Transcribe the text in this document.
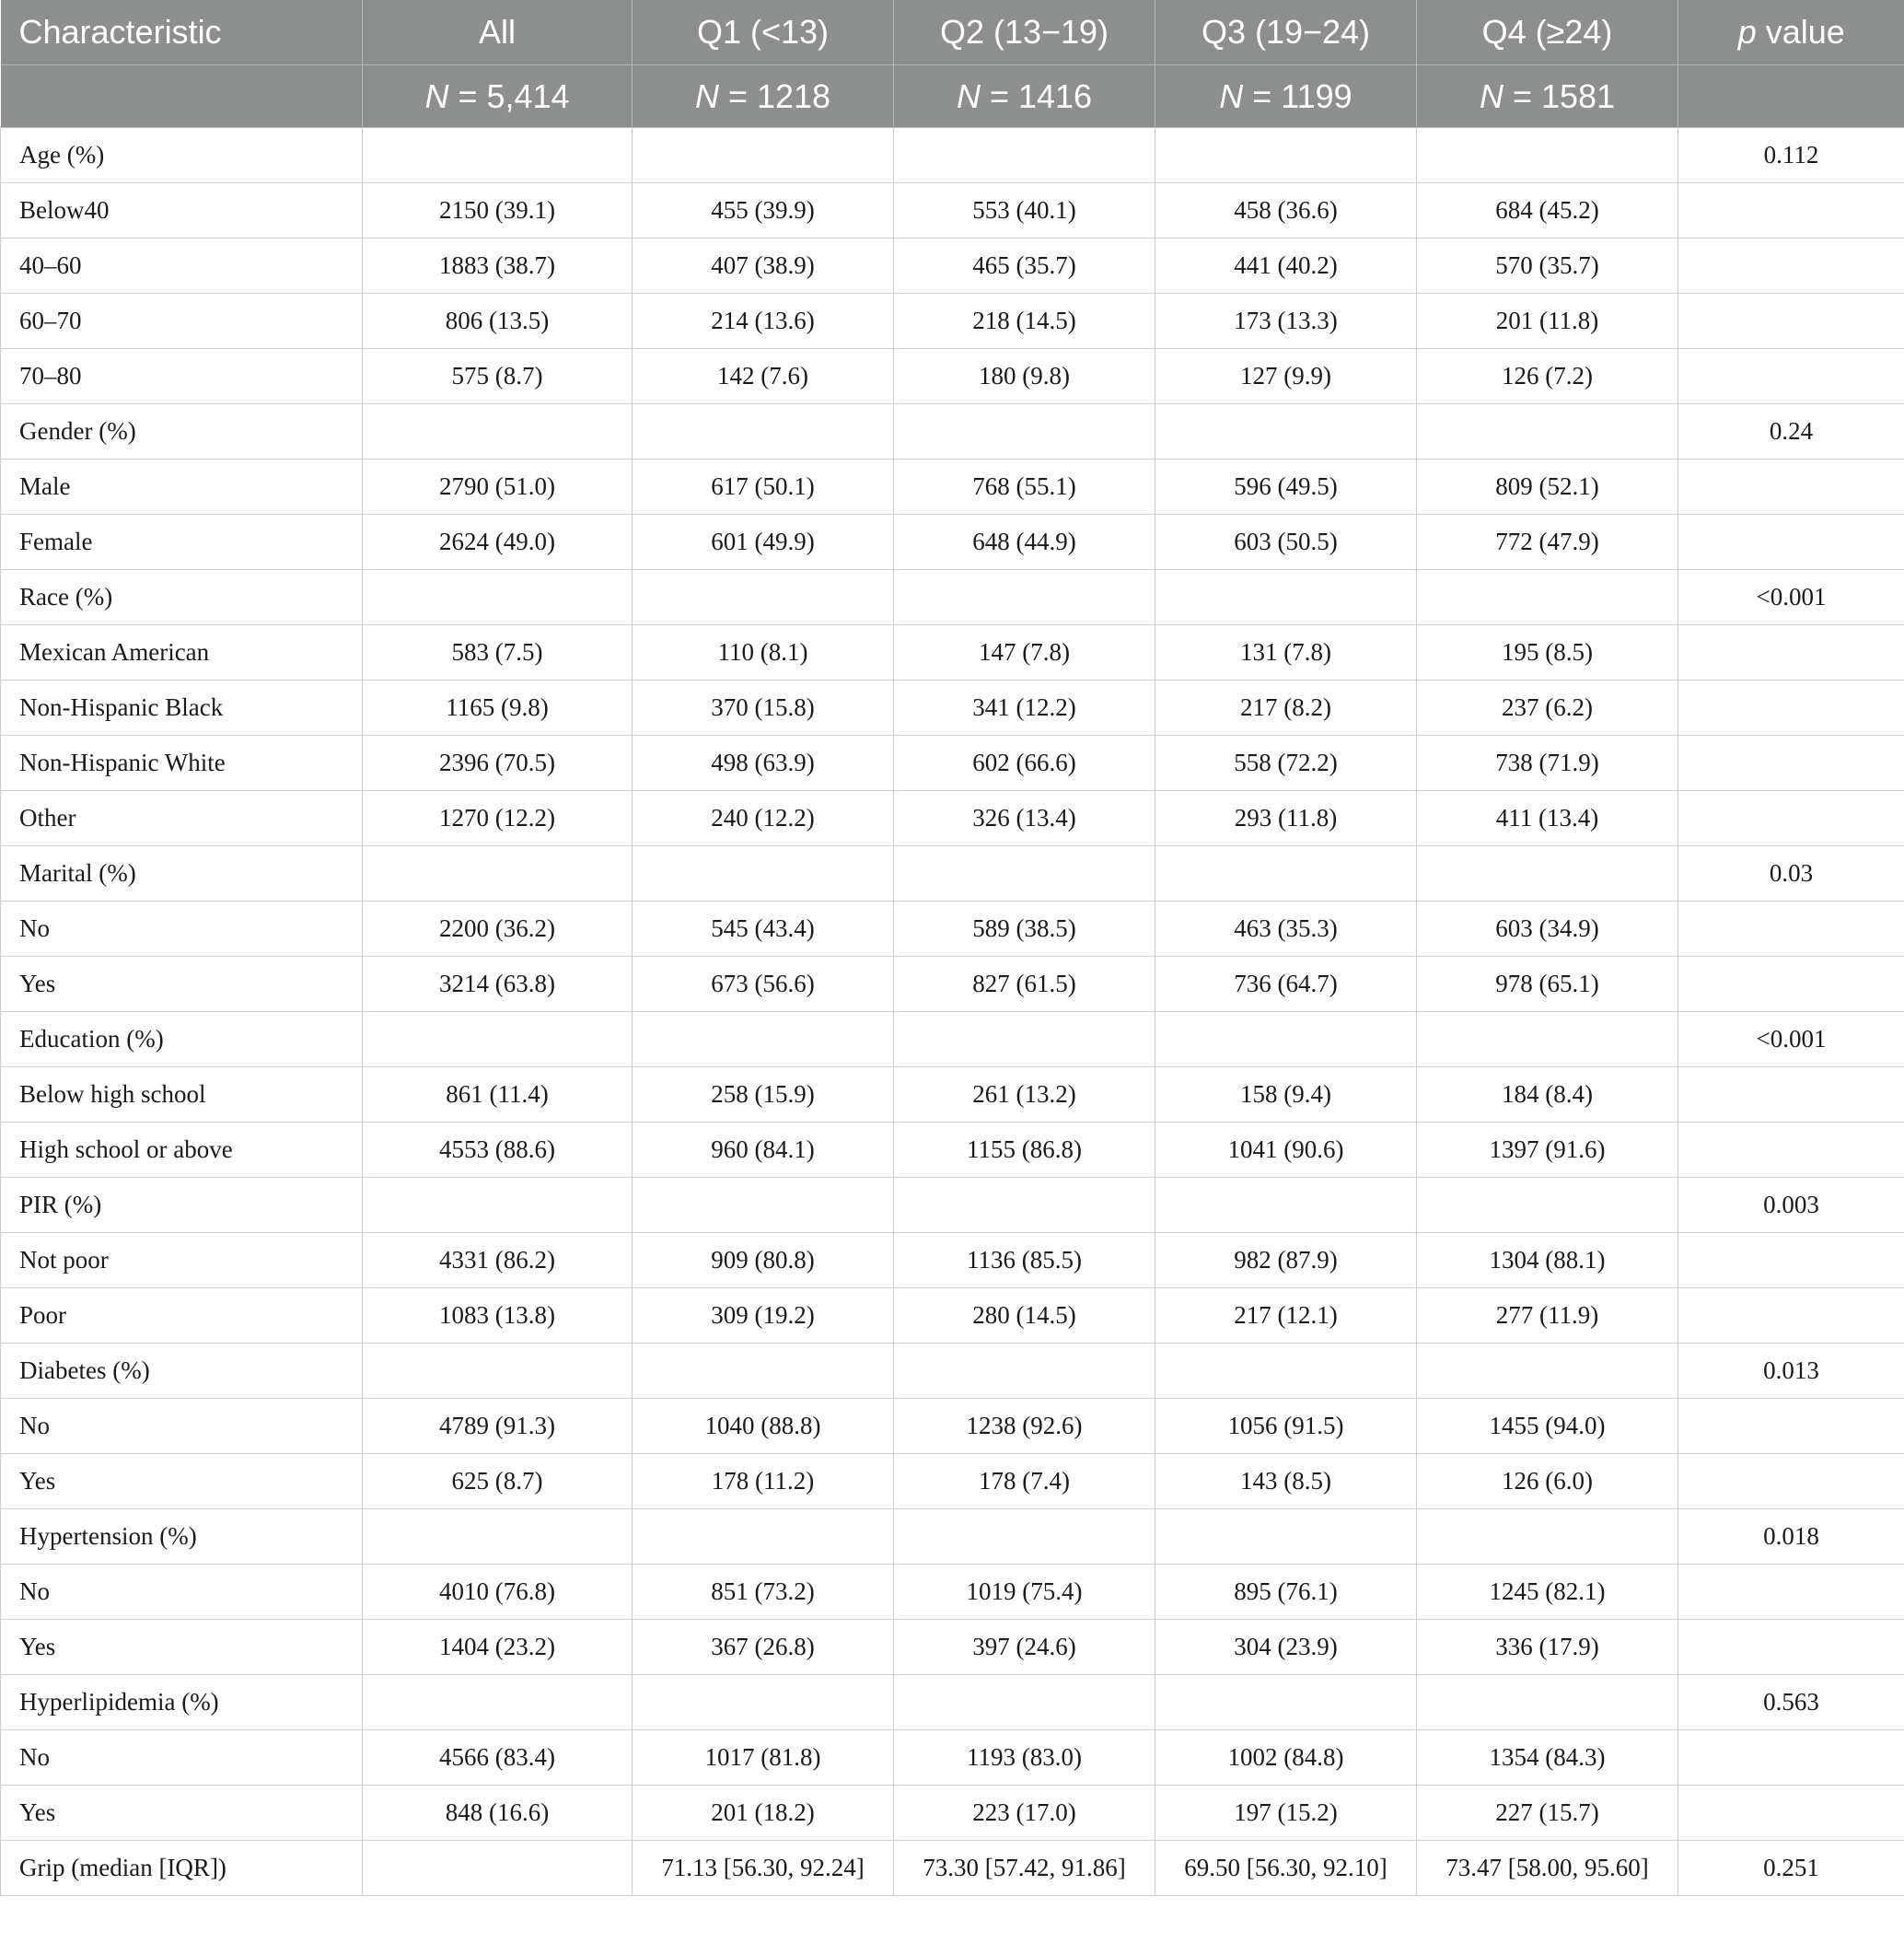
Characteristic	All	Q1 (<13)	Q2 (13−19)	Q3 (19−24)	Q4 (≥24)	p value
	N = 5,414	N = 1218	N = 1416	N = 1199	N = 1581	
Age (%)						0.112
Below40	2150 (39.1)	455 (39.9)	553 (40.1)	458 (36.6)	684 (45.2)	
40–60	1883 (38.7)	407 (38.9)	465 (35.7)	441 (40.2)	570 (35.7)	
60–70	806 (13.5)	214 (13.6)	218 (14.5)	173 (13.3)	201 (11.8)	
70–80	575 (8.7)	142 (7.6)	180 (9.8)	127 (9.9)	126 (7.2)	
Gender (%)						0.24
Male	2790 (51.0)	617 (50.1)	768 (55.1)	596 (49.5)	809 (52.1)	
Female	2624 (49.0)	601 (49.9)	648 (44.9)	603 (50.5)	772 (47.9)	
Race (%)						<0.001
Mexican American	583 (7.5)	110 (8.1)	147 (7.8)	131 (7.8)	195 (8.5)	
Non-Hispanic Black	1165 (9.8)	370 (15.8)	341 (12.2)	217 (8.2)	237 (6.2)	
Non-Hispanic White	2396 (70.5)	498 (63.9)	602 (66.6)	558 (72.2)	738 (71.9)	
Other	1270 (12.2)	240 (12.2)	326 (13.4)	293 (11.8)	411 (13.4)	
Marital (%)						0.03
No	2200 (36.2)	545 (43.4)	589 (38.5)	463 (35.3)	603 (34.9)	
Yes	3214 (63.8)	673 (56.6)	827 (61.5)	736 (64.7)	978 (65.1)	
Education (%)						<0.001
Below high school	861 (11.4)	258 (15.9)	261 (13.2)	158 (9.4)	184 (8.4)	
High school or above	4553 (88.6)	960 (84.1)	1155 (86.8)	1041 (90.6)	1397 (91.6)	
PIR (%)						0.003
Not poor	4331 (86.2)	909 (80.8)	1136 (85.5)	982 (87.9)	1304 (88.1)	
Poor	1083 (13.8)	309 (19.2)	280 (14.5)	217 (12.1)	277 (11.9)	
Diabetes (%)						0.013
No	4789 (91.3)	1040 (88.8)	1238 (92.6)	1056 (91.5)	1455 (94.0)	
Yes	625 (8.7)	178 (11.2)	178 (7.4)	143 (8.5)	126 (6.0)	
Hypertension (%)						0.018
No	4010 (76.8)	851 (73.2)	1019 (75.4)	895 (76.1)	1245 (82.1)	
Yes	1404 (23.2)	367 (26.8)	397 (24.6)	304 (23.9)	336 (17.9)	
Hyperlipidemia (%)						0.563
No	4566 (83.4)	1017 (81.8)	1193 (83.0)	1002 (84.8)	1354 (84.3)	
Yes	848 (16.6)	201 (18.2)	223 (17.0)	197 (15.2)	227 (15.7)	
Grip (median [IQR])		71.13 [56.30, 92.24]	73.30 [57.42, 91.86]	69.50 [56.30, 92.10]	73.47 [58.00, 95.60]	0.251
